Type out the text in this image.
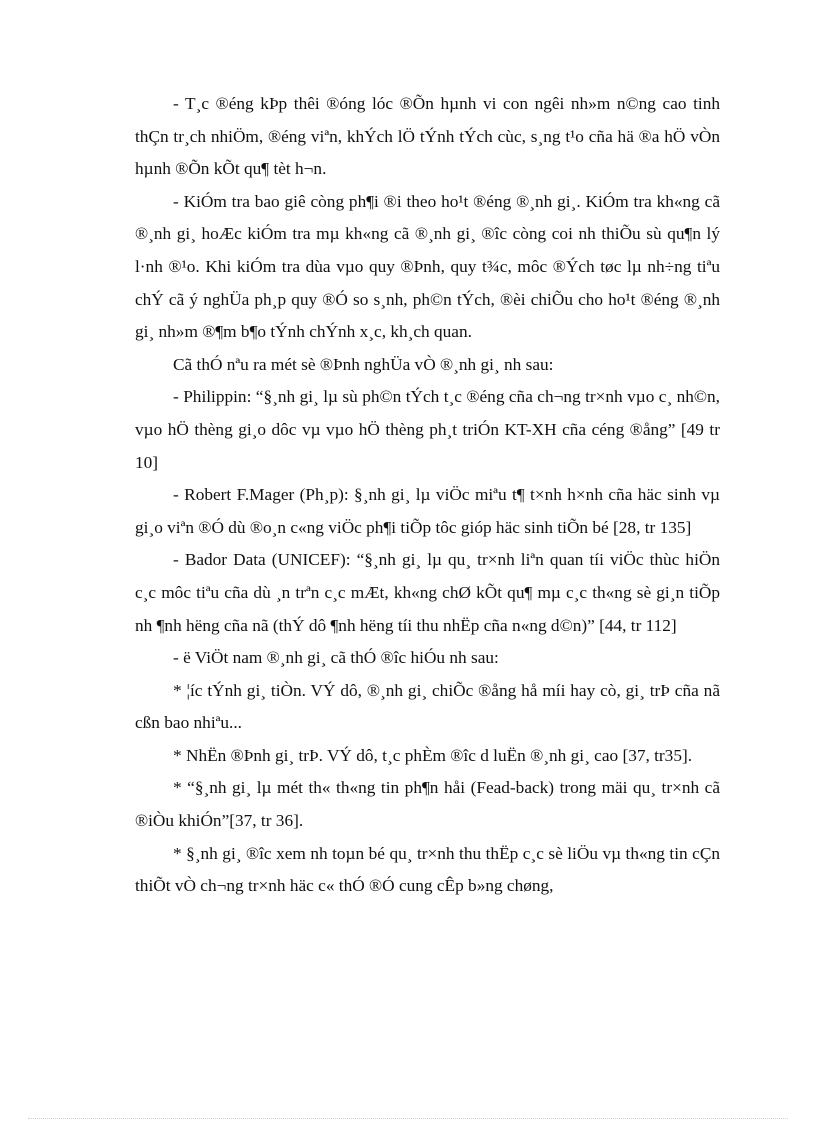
- T¸c ®éng kÞp thêi ®óng lóc ®Õn hµnh vi con ngêi nh»m n©ng cao tinh thÇn tr¸ch nhiÖm, ®éng viªn, khÝch lÖ tÝnh tÝch cùc, s¸ng t¹o cña hä ®a hÖ vÒn hµnh ®Õn kÕt qu¶ tèt h¬n.

- KiÓm tra bao giê còng ph¶i ®i theo ho¹t ®éng ®¸nh gi¸. KiÓm tra kh«ng cã ®¸nh gi¸ hoÆc kiÓm tra mµ kh«ng cã ®¸nh gi¸ ®îc còng coi nh thiÕu sù qu¶n lý l·nh ®¹o. Khi kiÓm tra dùa vµo quy ®Þnh, quy t¾c, môc ®Ých tøc lµ nh÷ng tiªu chÝ cã ý nghÜa ph¸p quy ®Ó so s¸nh, ph©n tÝch, ®èi chiÕu cho ho¹t ®éng ®¸nh gi¸ nh»m ®¶m b¶o tÝnh chÝnh x¸c, kh¸ch quan.

Cã thÓ nªu ra mét sè ®Þnh nghÜa vÒ ®¸nh gi¸ nh sau:

- Philippin: “§¸nh gi¸ lµ sù ph©n tÝch t¸c ®éng cña ch¬ng tr×nh vµo c¸ nh©n, vµo hÖ thèng gi¸o dôc vµ vµo hÖ thèng ph¸t triÓn KT-XH cña céng ®ång” [49 tr 10]

- Robert F.Mager (Ph¸p): §¸nh gi¸ lµ viÖc miªu t¶ t×nh h×nh cña häc sinh vµ gi¸o viªn ®Ó dù ®o¸n c«ng viÖc ph¶i tiÕp tôc gióp häc sinh tiÕn bé [28, tr 135]

- Bador Data (UNICEF): “§¸nh gi¸ lµ qu¸ tr×nh liªn quan tíi viÖc thùc hiÖn c¸c môc tiªu cña dù ¸n trªn c¸c mÆt, kh«ng chØ kÕt qu¶ mµ c¸c th«ng sè gi¸n tiÕp nh ¶nh hëng cña nã (thÝ dô ¶nh hëng tíi thu nhËp cña n«ng d©n)” [44, tr 112]

- ë ViÖt nam ®¸nh gi¸ cã thÓ ®îc hiÓu nh sau:

* ¦íc tÝnh gi¸ tiÒn. VÝ dô, ®¸nh gi¸ chiÕc ®ång hå míi hay cò, gi¸ trÞ cña nã cßn bao nhiªu...

* NhËn ®Þnh gi¸ trÞ. VÝ dô, t¸c phÈm ®îc d luËn ®¸nh gi¸ cao [37, tr35].

* “§¸nh gi¸ lµ mét th« th«ng tin ph¶n håi (Fead-back) trong mäi qu¸ tr×nh cã ®iÒu khiÓn”[37, tr 36].

* §¸nh gi¸ ®îc xem nh toµn bé qu¸ tr×nh thu thËp c¸c sè liÖu vµ th«ng tin cÇn thiÕt vÒ ch¬ng tr×nh häc c« thÓ ®Ó cung cÊp b»ng chøng,
